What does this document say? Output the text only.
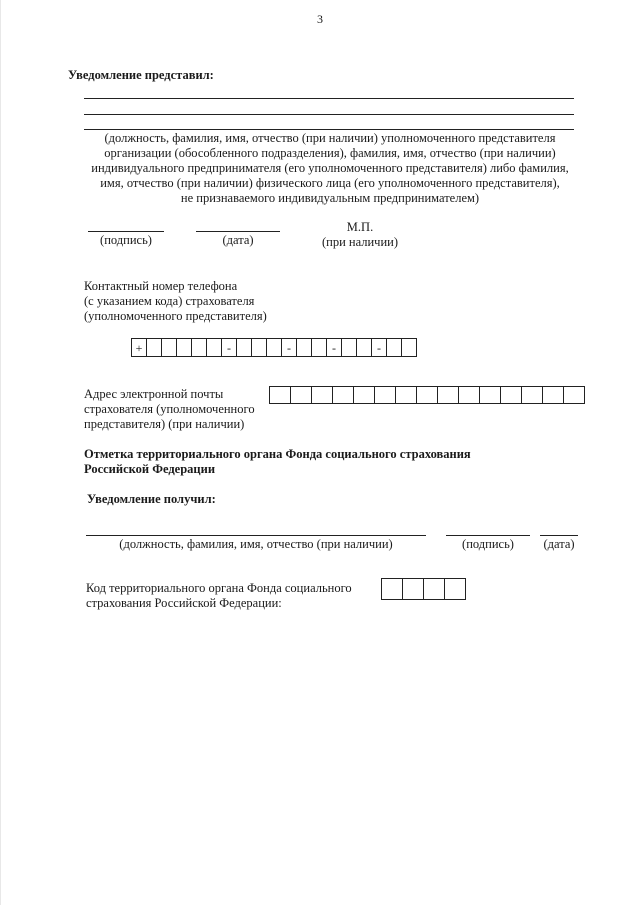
3
Уведомление представил:
(должность, фамилия, имя, отчество (при наличии) уполномоченного представителя
организации (обособленного подразделения), фамилия, имя, отчество (при наличии)
индивидуального предпринимателя (его уполномоченного представителя) либо фамилия,
имя, отчество (при наличии) физического лица (его уполномоченного представителя),
не признаваемого индивидуальным предпринимателем)
(подпись)	(дата)
М.П.
(при наличии)
Контактный номер телефона
(с указанием кода) страхователя
(уполномоченного представителя)
+	-	-	-	-
Адрес электронной почты
страхователя (уполномоченного
представителя) (при наличии)
Отметка территориального органа Фонда социального страхования
Российской Федерации
Уведомление получил:
(должность, фамилия, имя, отчество (при наличии)	(подпись)	(дата)
Код территориального органа Фонда социального
страхования Российской Федерации:
